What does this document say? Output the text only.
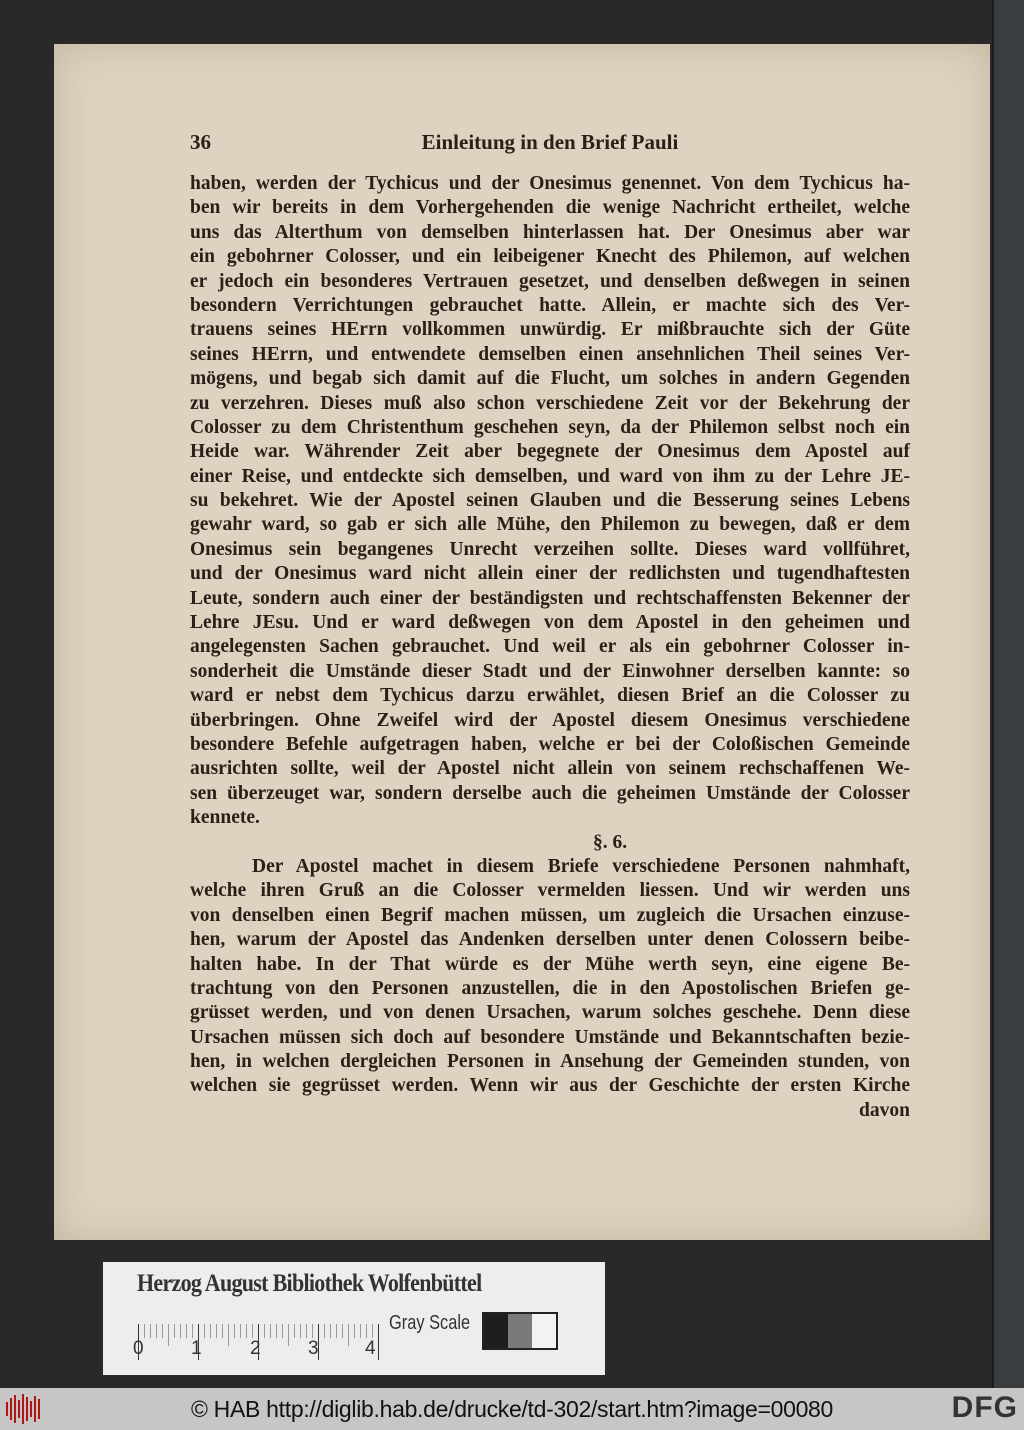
36	Einleitung in den Brief Pauli
haben, werden der Tychicus und der Onesimus genennet. Von dem Tychicus ha-
ben wir bereits in dem Vorhergehenden die wenige Nachricht ertheilet, welche
uns das Alterthum von demselben hinterlassen hat. Der Onesimus aber war
ein gebohrner Colosser, und ein leibeigener Knecht des Philemon, auf welchen
er jedoch ein besonderes Vertrauen gesetzet, und denselben deßwegen in seinen
besondern Verrichtungen gebrauchet hatte. Allein, er machte sich des Ver-
trauens seines HErrn vollkommen unwürdig. Er mißbrauchte sich der Güte
seines HErrn, und entwendete demselben einen ansehnlichen Theil seines Ver-
mögens, und begab sich damit auf die Flucht, um solches in andern Gegenden
zu verzehren. Dieses muß also schon verschiedene Zeit vor der Bekehrung der
Colosser zu dem Christenthum geschehen seyn, da der Philemon selbst noch ein
Heide war. Währender Zeit aber begegnete der Onesimus dem Apostel auf
einer Reise, und entdeckte sich demselben, und ward von ihm zu der Lehre JE-
su bekehret. Wie der Apostel seinen Glauben und die Besserung seines Lebens
gewahr ward, so gab er sich alle Mühe, den Philemon zu bewegen, daß er dem
Onesimus sein begangenes Unrecht verzeihen sollte. Dieses ward vollführet,
und der Onesimus ward nicht allein einer der redlichsten und tugendhaftesten
Leute, sondern auch einer der beständigsten und rechtschaffensten Bekenner der
Lehre JEsu. Und er ward deßwegen von dem Apostel in den geheimen und
angelegensten Sachen gebrauchet. Und weil er als ein gebohrner Colosser in-
sonderheit die Umstände dieser Stadt und der Einwohner derselben kannte: so
ward er nebst dem Tychicus darzu erwählet, diesen Brief an die Colosser zu
überbringen. Ohne Zweifel wird der Apostel diesem Onesimus verschiedene
besondere Befehle aufgetragen haben, welche er bei der Coloßischen Gemeinde
ausrichten sollte, weil der Apostel nicht allein von seinem rechschaffenen We-
sen überzeuget war, sondern derselbe auch die geheimen Umstände der Colosser
kennete.
§. 6.
Der Apostel machet in diesem Briefe verschiedene Personen nahmhaft,
welche ihren Gruß an die Colosser vermelden liessen. Und wir werden uns
von denselben einen Begrif machen müssen, um zugleich die Ursachen einzuse-
hen, warum der Apostel das Andenken derselben unter denen Colossern beibe-
halten habe. In der That würde es der Mühe werth seyn, eine eigene Be-
trachtung von den Personen anzustellen, die in den Apostolischen Briefen ge-
grüsset werden, und von denen Ursachen, warum solches geschehe. Denn diese
Ursachen müssen sich doch auf besondere Umstände und Bekanntschaften bezie-
hen, in welchen dergleichen Personen in Ansehung der Gemeinden stunden, von
welchen sie gegrüsset werden. Wenn wir aus der Geschichte der ersten Kirche
davon
Herzog August Bibliothek Wolfenbüttel
0 1	2 3 4
Gray Scale
© HAB http://diglib.hab.de/drucke/td-302/start.htm?image=00080	DFG
